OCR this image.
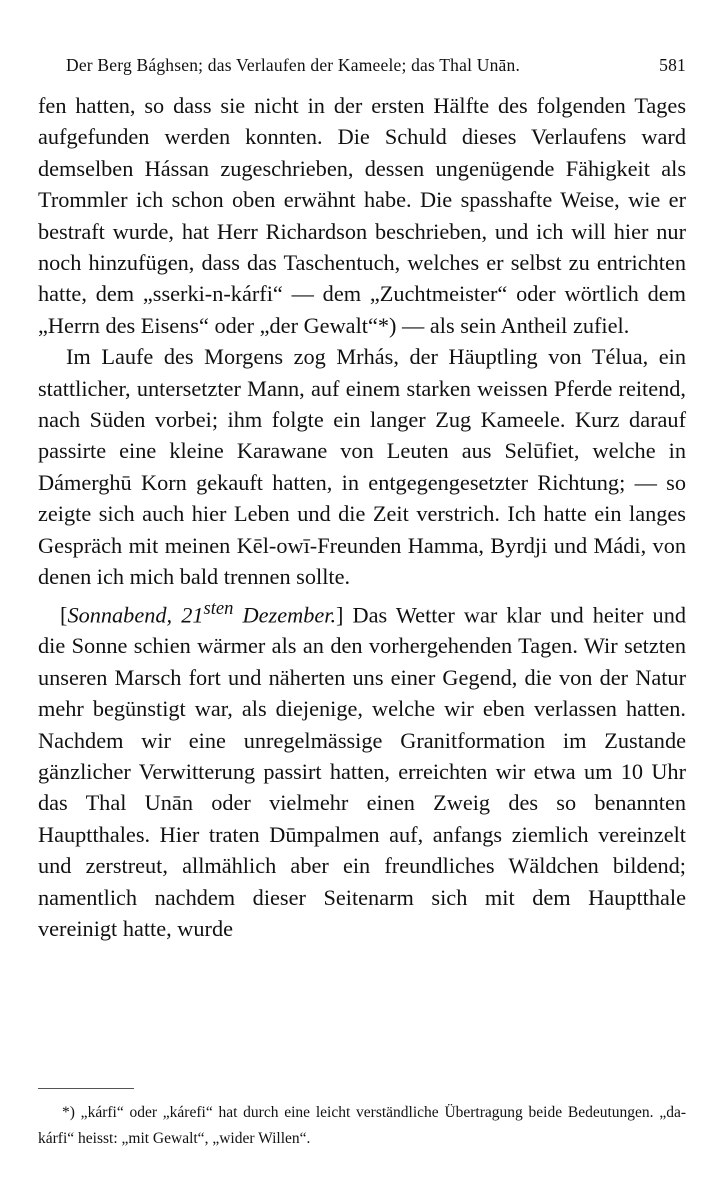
Der Berg Bághsen; das Verlaufen der Kameele; das Thal Unān.	581

fen hatten, so dass sie nicht in der ersten Hälfte des folgenden Tages aufgefunden werden konnten. Die Schuld dieses Verlaufens ward demselben Hássan zugeschrieben, dessen ungenügende Fähigkeit als Trommler ich schon oben erwähnt habe. Die spasshafte Weise, wie er bestraft wurde, hat Herr Richardson beschrieben, und ich will hier nur noch hinzufügen, dass das Taschentuch, welches er selbst zu entrichten hatte, dem „sserki-n-kárfi“ — dem „Zuchtmeister“ oder wörtlich dem „Herrn des Eisens“ oder „der Gewalt“*) — als sein Antheil zufiel.

Im Laufe des Morgens zog Mrhás, der Häuptling von Télua, ein stattlicher, untersetzter Mann, auf einem starken weissen Pferde reitend, nach Süden vorbei; ihm folgte ein langer Zug Kameele. Kurz darauf passirte eine kleine Karawane von Leuten aus Selūfiet, welche in Dámerghū Korn gekauft hatten, in entgegengesetzter Richtung; — so zeigte sich auch hier Leben und die Zeit verstrich. Ich hatte ein langes Gespräch mit meinen Kēl-owī-Freunden Hamma, Byrdji und Mádi, von denen ich mich bald trennen sollte.

[Sonnabend, $21^{sten}$ Dezember.] Das Wetter war klar und heiter und die Sonne schien wärmer als an den vorhergehenden Tagen. Wir setzten unseren Marsch fort und näherten uns einer Gegend, die von der Natur mehr begünstigt war, als diejenige, welche wir eben verlassen hatten. Nachdem wir eine unregelmässige Granitformation im Zustande gänzlicher Verwitterung passirt hatten, erreichten wir etwa um 10 Uhr das Thal Unān oder vielmehr einen Zweig des so benannten Hauptthales. Hier traten Dūmpalmen auf, anfangs ziemlich vereinzelt und zerstreut, allmählich aber ein freundliches Wäldchen bildend; namentlich nachdem dieser Seitenarm sich mit dem Hauptthale vereinigt hatte, wurde

*) „kárfi“ oder „kárefi“ hat durch eine leicht verständliche Übertragung beide Bedeutungen. „da-kárfi“ heisst: „mit Gewalt“, „wider Willen“.
